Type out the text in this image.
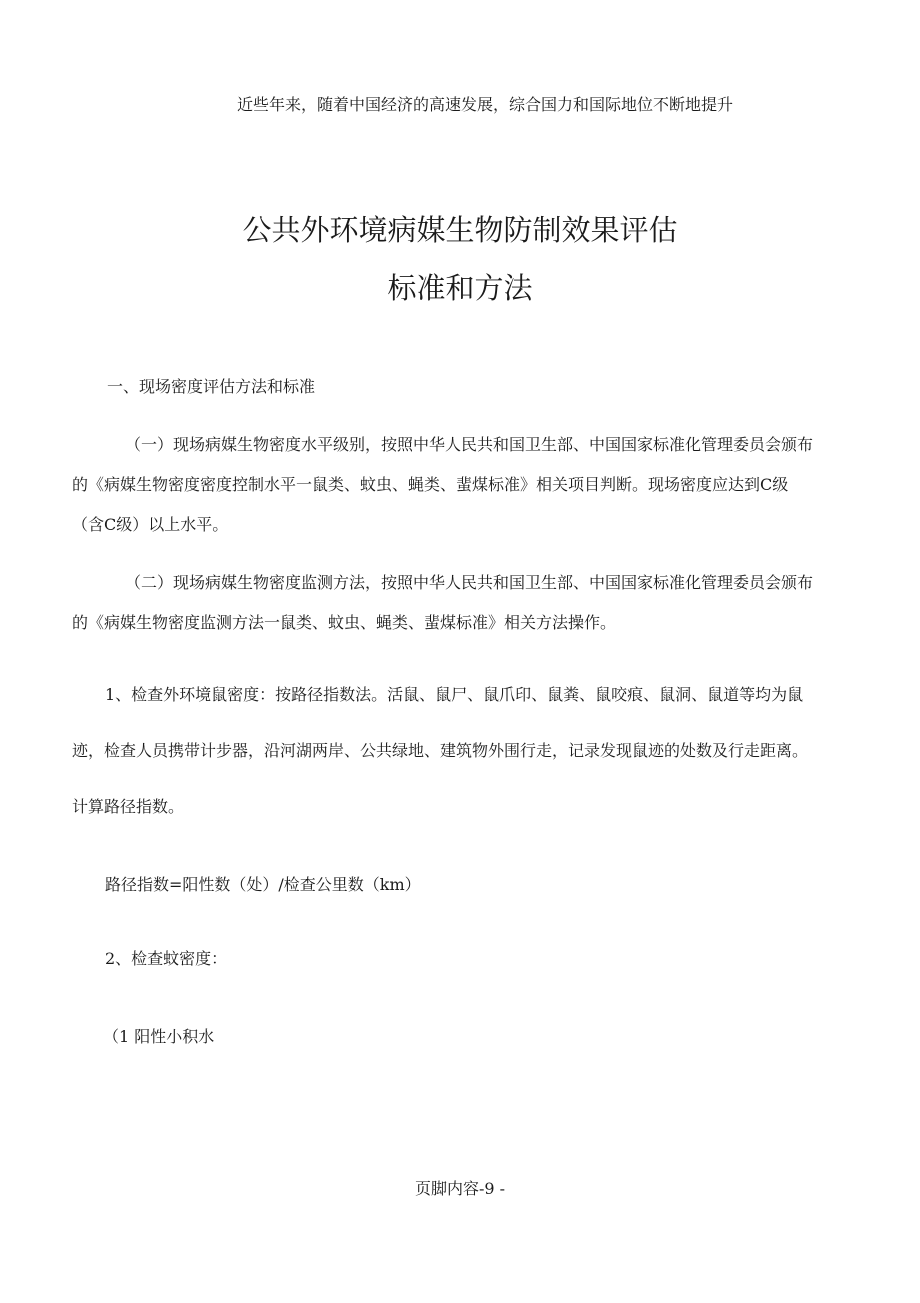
近些年来，随着中国经济的高速发展，综合国力和国际地位不断地提升
公共外环境病媒生物防制效果评估
标准和方法
一、现场密度评估方法和标准
（一）现场病媒生物密度水平级别，按照中华人民共和国卫生部、中国国家标准化管理委员会颁布
的《病媒生物密度密度控制水平一鼠类、蚊虫、蝇类、蜚煤标准》相关项目判断。现场密度应达到C级
（含C级）以上水平。
（二）现场病媒生物密度监测方法，按照中华人民共和国卫生部、中国国家标准化管理委员会颁布
的《病媒生物密度监测方法一鼠类、蚊虫、蝇类、蜚煤标准》相关方法操作。
1、检查外环境鼠密度：按路径指数法。活鼠、鼠尸、鼠爪印、鼠粪、鼠咬痕、鼠洞、鼠道等均为鼠
迹，检查人员携带计步器，沿河湖两岸、公共绿地、建筑物外围行走，记录发现鼠迹的处数及行走距离。
计算路径指数。
路径指数=阳性数（处）/检查公里数（km）
2、检查蚊密度：
（1 阳性小积水
页脚内容-9 -
